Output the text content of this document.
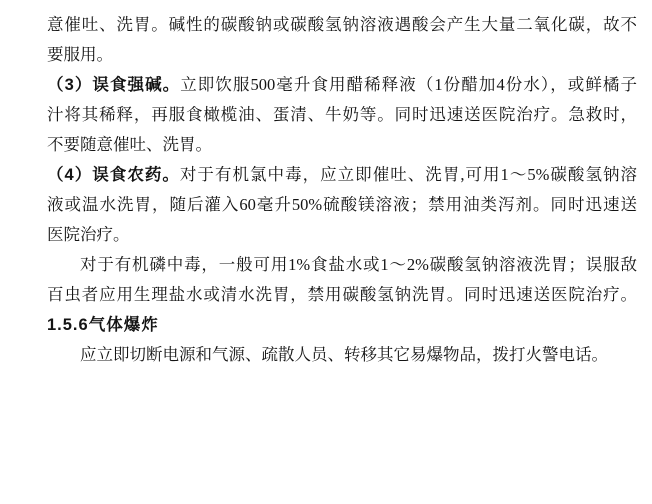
意催吐、洗胃。碱性的碳酸钠或碳酸氢钠溶液遇酸会产生大量二氧化碳，故不
要服用。
（3）误食强碱。立即饮服500毫升食用醋稀释液（1份醋加4份水），或鲜橘子
汁将其稀释，再服食橄榄油、蛋清、牛奶等。同时迅速送医院治疗。急救时，
不要随意催吐、洗胃。
（4）误食农药。对于有机氯中毒，应立即催吐、洗胃,可用1～5%碳酸氢钠溶
液或温水洗胃，随后灌入60毫升50%硫酸镁溶液；禁用油类泻剂。同时迅速送
医院治疗。
对于有机磷中毒，一般可用1%食盐水或1～2%碳酸氢钠溶液洗胃；误服敌
百虫者应用生理盐水或清水洗胃，禁用碳酸氢钠洗胃。同时迅速送医院治疗。
1.5.6气体爆炸
应立即切断电源和气源、疏散人员、转移其它易爆物品，拨打火警电话。
